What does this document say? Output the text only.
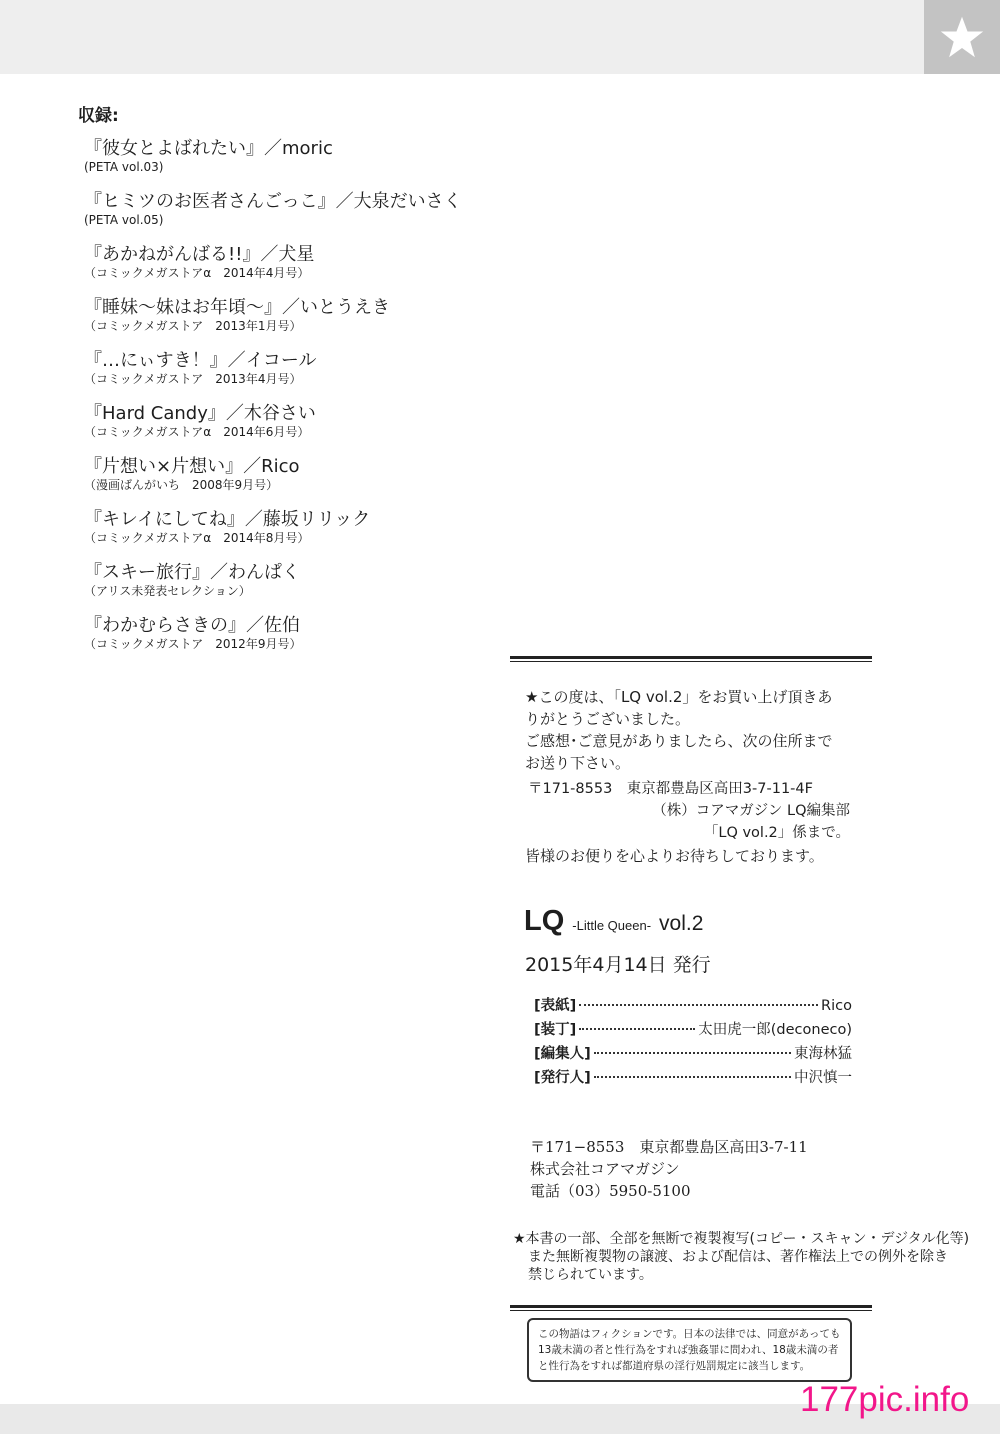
収録:
『彼女とよばれたい』／moric
(PETA vol.03)
『ヒミツのお医者さんごっこ』／大泉だいさく
(PETA vol.05)
『あかねがんばる!!』／犬星
（コミックメガストアα　2014年4月号）
『睡妹〜妹はお年頃〜』／いとうえき
（コミックメガストア　2013年1月号）
『…にぃすき！』／イコール
（コミックメガストア　2013年4月号）
『Hard Candy』／木谷さい
（コミックメガストアα　2014年6月号）
『片想い×片想い』／Rico
（漫画ばんがいち　2008年9月号）
『キレイにしてね』／藤坂リリック
（コミックメガストアα　2014年8月号）
『スキー旅行』／わんぱく
（アリス未発表セレクション）
『わかむらさきの』／佐伯
（コミックメガストア　2012年9月号）

★この度は、「LQ vol.2」をお買い上げ頂きあ

りがとうございました。

ご感想･ご意見がありましたら、次の住所まで

お送り下さい。

〒171-8553　東京都豊島区高田3-7-11-4F
（株）コアマガジン LQ編集部
「LQ vol.2」係まで。
皆様のお便りを心よりお待ちしております。
LQ -Little Queen- vol.2
2015年4月14日 発行
[表紙]	Rico
[装丁]	太田虎一郎(deconeco)
[編集人]	東海林猛
[発行人]	中沢慎一
〒171−8553　東京都豊島区高田3-7-11
株式会社コアマガジン
電話（03）5950-5100

★本書の一部、全部を無断で複製複写(コピー・スキャン・デジタル化等)

また無断複製物の譲渡、および配信は、著作権法上での例外を除き

禁じられています。

この物語はフィクションです。日本の法律では、同意があっても

13歳未満の者と性行為をすれば強姦罪に問われ、18歳未満の者

と性行為をすれば都道府県の淫行処罰規定に該当します。

177pic.info
